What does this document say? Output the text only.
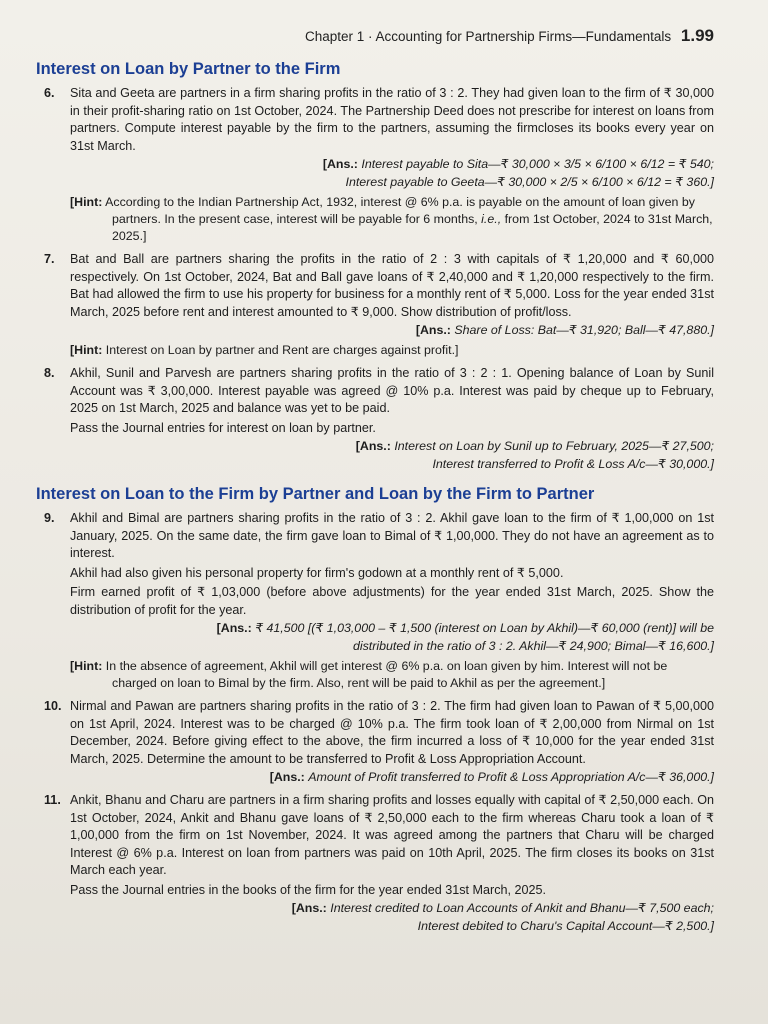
Chapter 1 · Accounting for Partnership Firms—Fundamentals 1.99
Interest on Loan by Partner to the Firm
6. Sita and Geeta are partners in a firm sharing profits in the ratio of 3 : 2. They had given loan to the firm of ₹ 30,000 in their profit-sharing ratio on 1st October, 2024. The Partnership Deed does not prescribe for interest on loans from partners. Compute interest payable by the firm to the partners, assuming the firmcloses its books every year on 31st March.
[Ans.: Interest payable to Sita—₹ 30,000 × 3/5 × 6/100 × 6/12 = ₹ 540;
Interest payable to Geeta—₹ 30,000 × 2/5 × 6/100 × 6/12 = ₹ 360.]
[Hint: According to the Indian Partnership Act, 1932, interest @ 6% p.a. is payable on the amount of loan given by partners. In the present case, interest will be payable for 6 months, i.e., from 1st October, 2024 to 31st March, 2025.]
7. Bat and Ball are partners sharing the profits in the ratio of 2 : 3 with capitals of ₹ 1,20,000 and ₹ 60,000 respectively. On 1st October, 2024, Bat and Ball gave loans of ₹ 2,40,000 and ₹ 1,20,000 respectively to the firm. Bat had allowed the firm to use his property for business for a monthly rent of ₹ 5,000. Loss for the year ended 31st March, 2025 before rent and interest amounted to ₹ 9,000. Show distribution of profit/loss.
[Ans.: Share of Loss: Bat—₹ 31,920; Ball—₹ 47,880.]
[Hint: Interest on Loan by partner and Rent are charges against profit.]
8. Akhil, Sunil and Parvesh are partners sharing profits in the ratio of 3 : 2 : 1. Opening balance of Loan by Sunil Account was ₹ 3,00,000. Interest payable was agreed @ 10% p.a. Interest was paid by cheque up to February, 2025 on 1st March, 2025 and balance was yet to be paid.
Pass the Journal entries for interest on loan by partner.
[Ans.: Interest on Loan by Sunil up to February, 2025—₹ 27,500;
Interest transferred to Profit & Loss A/c—₹ 30,000.]
Interest on Loan to the Firm by Partner and Loan by the Firm to Partner
9. Akhil and Bimal are partners sharing profits in the ratio of 3 : 2. Akhil gave loan to the firm of ₹ 1,00,000 on 1st January, 2025. On the same date, the firm gave loan to Bimal of ₹ 1,00,000. They do not have an agreement as to interest.
Akhil had also given his personal property for firm's godown at a monthly rent of ₹ 5,000.
Firm earned profit of ₹ 1,03,000 (before above adjustments) for the year ended 31st March, 2025. Show the distribution of profit for the year.
[Ans.: ₹ 41,500 [(₹ 1,03,000 – ₹ 1,500 (interest on Loan by Akhil)—₹ 60,000 (rent)] will be
distributed in the ratio of 3 : 2. Akhil—₹ 24,900; Bimal—₹ 16,600.]
[Hint: In the absence of agreement, Akhil will get interest @ 6% p.a. on loan given by him. Interest will not be charged on loan to Bimal by the firm. Also, rent will be paid to Akhil as per the agreement.]
10. Nirmal and Pawan are partners sharing profits in the ratio of 3 : 2. The firm had given loan to Pawan of ₹ 5,00,000 on 1st April, 2024. Interest was to be charged @ 10% p.a. The firm took loan of ₹ 2,00,000 from Nirmal on 1st December, 2024. Before giving effect to the above, the firm incurred a loss of ₹ 10,000 for the year ended 31st March, 2025. Determine the amount to be transferred to Profit & Loss Appropriation Account.
[Ans.: Amount of Profit transferred to Profit & Loss Appropriation A/c—₹ 36,000.]
11. Ankit, Bhanu and Charu are partners in a firm sharing profits and losses equally with capital of ₹ 2,50,000 each. On 1st October, 2024, Ankit and Bhanu gave loans of ₹ 2,50,000 each to the firm whereas Charu took a loan of ₹ 1,00,000 from the firm on 1st November, 2024. It was agreed among the partners that Charu will be charged Interest @ 6% p.a. Interest on loan from partners was paid on 10th April, 2025. The firm closes its books on 31st March each year.
Pass the Journal entries in the books of the firm for the year ended 31st March, 2025.
[Ans.: Interest credited to Loan Accounts of Ankit and Bhanu—₹ 7,500 each;
Interest debited to Charu's Capital Account—₹ 2,500.]
